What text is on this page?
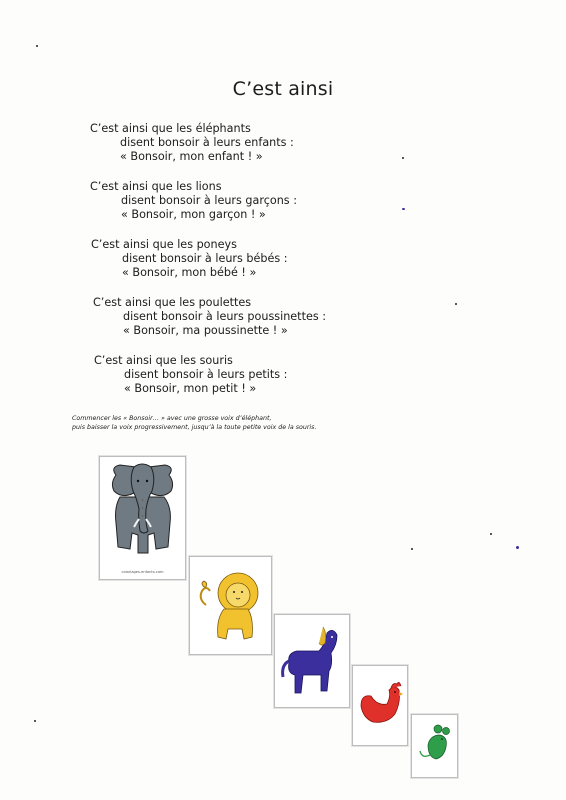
C’est ainsi
C’est ainsi que les éléphants
disent bonsoir à leurs enfants :
« Bonsoir, mon enfant ! »
C’est ainsi que les lions
disent bonsoir à leurs garçons :
« Bonsoir, mon garçon ! »
C’est ainsi que les poneys
disent bonsoir à leurs bébés :
« Bonsoir, mon bébé ! »
C’est ainsi que les poulettes
disent bonsoir à leurs poussinettes :
« Bonsoir, ma poussinette ! »
C’est ainsi que les souris
disent bonsoir à leurs petits :
« Bonsoir, mon petit ! »
Commencer les « Bonsoir… » avec une grosse voix d’éléphant,
puis baisser la voix progressivement, jusqu’à la toute petite voix de la souris.
coloriages-enfants.com
